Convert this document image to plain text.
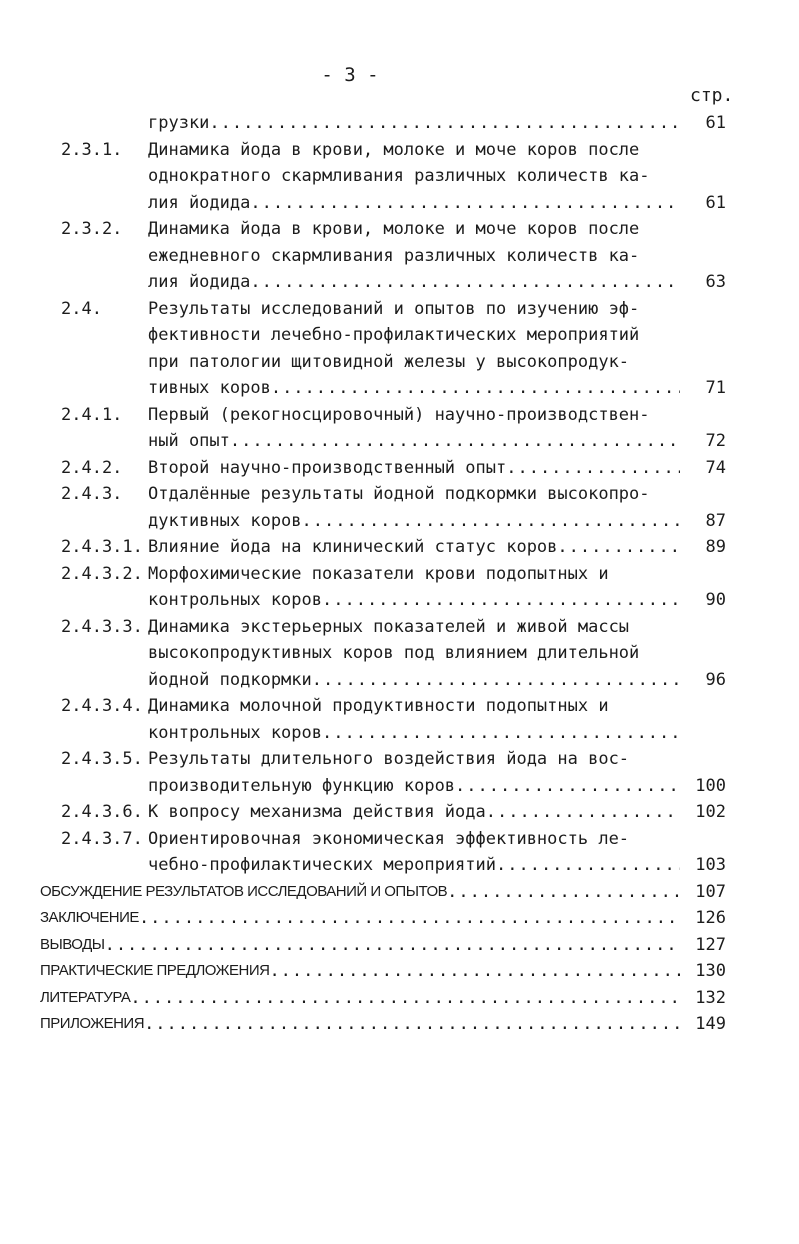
- 3 -
стр.
грузки .....	61
2.3.1. Динамика йода в крови, молоке и моче коров после
однократного скармливания различных количеств ка-
лия йодида .....	61
2.3.2. Динамика йода в крови, молоке и моче коров после
ежедневного скармливания различных количеств ка-
лия йодида .....	63
2.4.	Результаты исследований и опытов по изучению эф-
фективности лечебно-профилактических мероприятий
при патологии щитовидной железы у высокопродук-
тивных коров .....	71
2.4.1. Первый (рекогносцировочный) научно-производствен-
ный опыт .....	72
2.4.2. Второй научно-производственный опыт .....	74
2.4.3. Отдалённые результаты йодной подкормки высокопро-
дуктивных коров .....	87
2.4.3.1. Влияние йода на клинический статус коров .....	89
2.4.3.2. Морфохимические показатели крови подопытных и
контрольных коров .....	90
2.4.3.3. Динамика экстерьерных показателей и живой массы
высокопродуктивных коров под влиянием длительной
йодной подкормки .....	96
2.4.3.4. Динамика молочной продуктивности подопытных и
контрольных коров
.....
2.4.3.5. Результаты длительного воздействия йода на вос-
производительную функцию коров .....	100
2.4.3.6. К вопросу механизма действия йода .....	102
2.4.3.7. Ориентировочная экономическая эффективность ле-
чебно-профилактических мероприятий .....	103
ОБСУЖДЕНИЕ РЕЗУЛЬТАТОВ ИССЛЕДОВАНИЙ И ОПЫТОВ .....	107
ЗАКЛЮЧЕНИЕ .....	126
ВЫВОДЫ .....	127
ПРАКТИЧЕСКИЕ ПРЕДЛОЖЕНИЯ .....	130
ЛИТЕРАТУРА .....	132
ПРИЛОЖЕНИЯ .....	149
